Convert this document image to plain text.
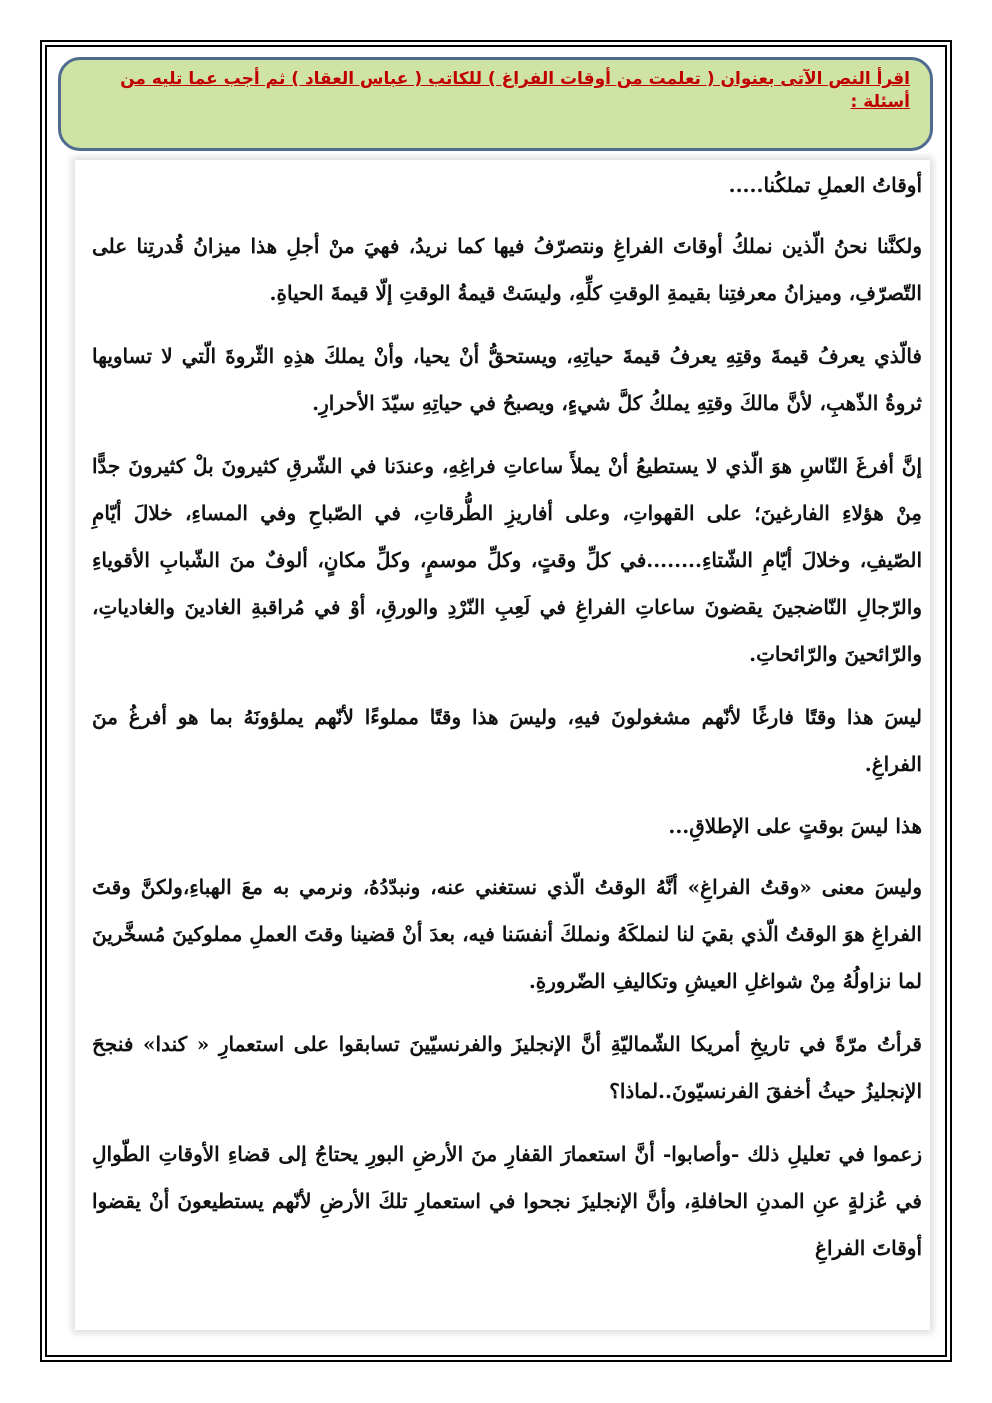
اقرأ النص الآتى بعنوان ( تعلمت من أوقات الفراغ ) للكاتب ( عباس العقاد ) ثم أجب عما تليه من أسئلة :

أوقاتُ العملِ تملكُنا.....

ولكنَّنا نحنُ الّذين نملكُ أوقاتَ الفراغِ ونتصرّفُ فيها كما نريدُ، فهيَ منْ أجلِ هذا ميزانُ قُدرتِنا على التّصرّفِ، وميزانُ معرفتِنا بقيمةِ الوقتِ كلِّهِ، وليسَتْ قيمةُ الوقتِ إلّا قيمةَ الحياةِ.

فالّذي يعرفُ قيمةَ وقتِهِ يعرفُ قيمةَ حياتِهِ، ويستحقُّ أنْ يحيا، وأنْ يملكَ هذِهِ الثّروةَ الّتي لا تساويها ثروةُ الذّهبِ، لأنَّ مالكَ وقتِهِ يملكُ كلَّ شيءٍ، ويصبحُ في حياتِهِ سيّدَ الأحرارِ.

إنَّ أفرغَ النّاسِ هوَ الّذي لا يستطيعُ أنْ يملأَ ساعاتِ فراغِهِ، وعندَنا في الشّرقِ كثيرونَ بلْ كثيرونَ جدًّا مِنْ هؤلاءِ الفارغينَ؛ على القهواتِ، وعلى أفاريزِ الطُّرقاتِ، في الصّباحِ وفي المساءِ، خلالَ أيّامِ الصّيفِ، وخلالَ أيّامِ الشّتاءِ........في كلِّ وقتٍ، وكلِّ موسمٍ، وكلِّ مكانٍ، ألوفٌ منَ الشّبابِ الأقوياءِ والرّجالِ النّاضجينَ يقضونَ ساعاتِ الفراغِ في لَعِبِ النّرْدِ والورقِ، أوْ في مُراقبةِ الغادينَ والغادياتِ، والرّائحينَ والرّائحاتِ.

ليسَ هذا وقتًا فارغًا لأنّهم مشغولونَ فيهِ، وليسَ هذا وقتًا مملوءًا لأنّهم يملؤونَهُ بما هو أفرغُ منَ الفراغِ.

هذا ليسَ بوقتٍ على الإطلاقِ...

وليسَ معنى «وقتُ الفراغِ» أنَّهُ الوقتُ الّذي نستغني عنه، ونبدّدُهُ، ونرمي به معَ الهباءِ،ولكنَّ وقتَ الفراغِ هوَ الوقتُ الّذي بقيَ لنا لنملكَهُ ونملكَ أنفسَنا فيه، بعدَ أنْ قضينا وقتَ العملِ مملوكينَ مُسخَّرينَ لما نزاولُهُ مِنْ شواغلِ العيشِ وتكاليفِ الضّرورةِ.

قرأتُ مرّةً في تاريخِ أمريكا الشّماليّةِ أنَّ الإنجليزَ والفرنسيّينَ تسابقوا على استعمارِ « كندا» فنجحَ الإنجليزُ حيثُ أخفقَ الفرنسيّونَ..لماذا؟

زعموا في تعليلِ ذلك -وأصابوا- أنَّ استعمارَ القفارِ منَ الأرضِ البورِ يحتاجُ إلى قضاءِ الأوقاتِ الطّوالِ في عُزلةٍ عنِ المدنِ الحافلةِ، وأنَّ الإنجليزَ نجحوا في استعمارِ تلكَ الأرضِ لأنّهم يستطيعونَ أنْ يقضوا أوقاتَ الفراغِ
